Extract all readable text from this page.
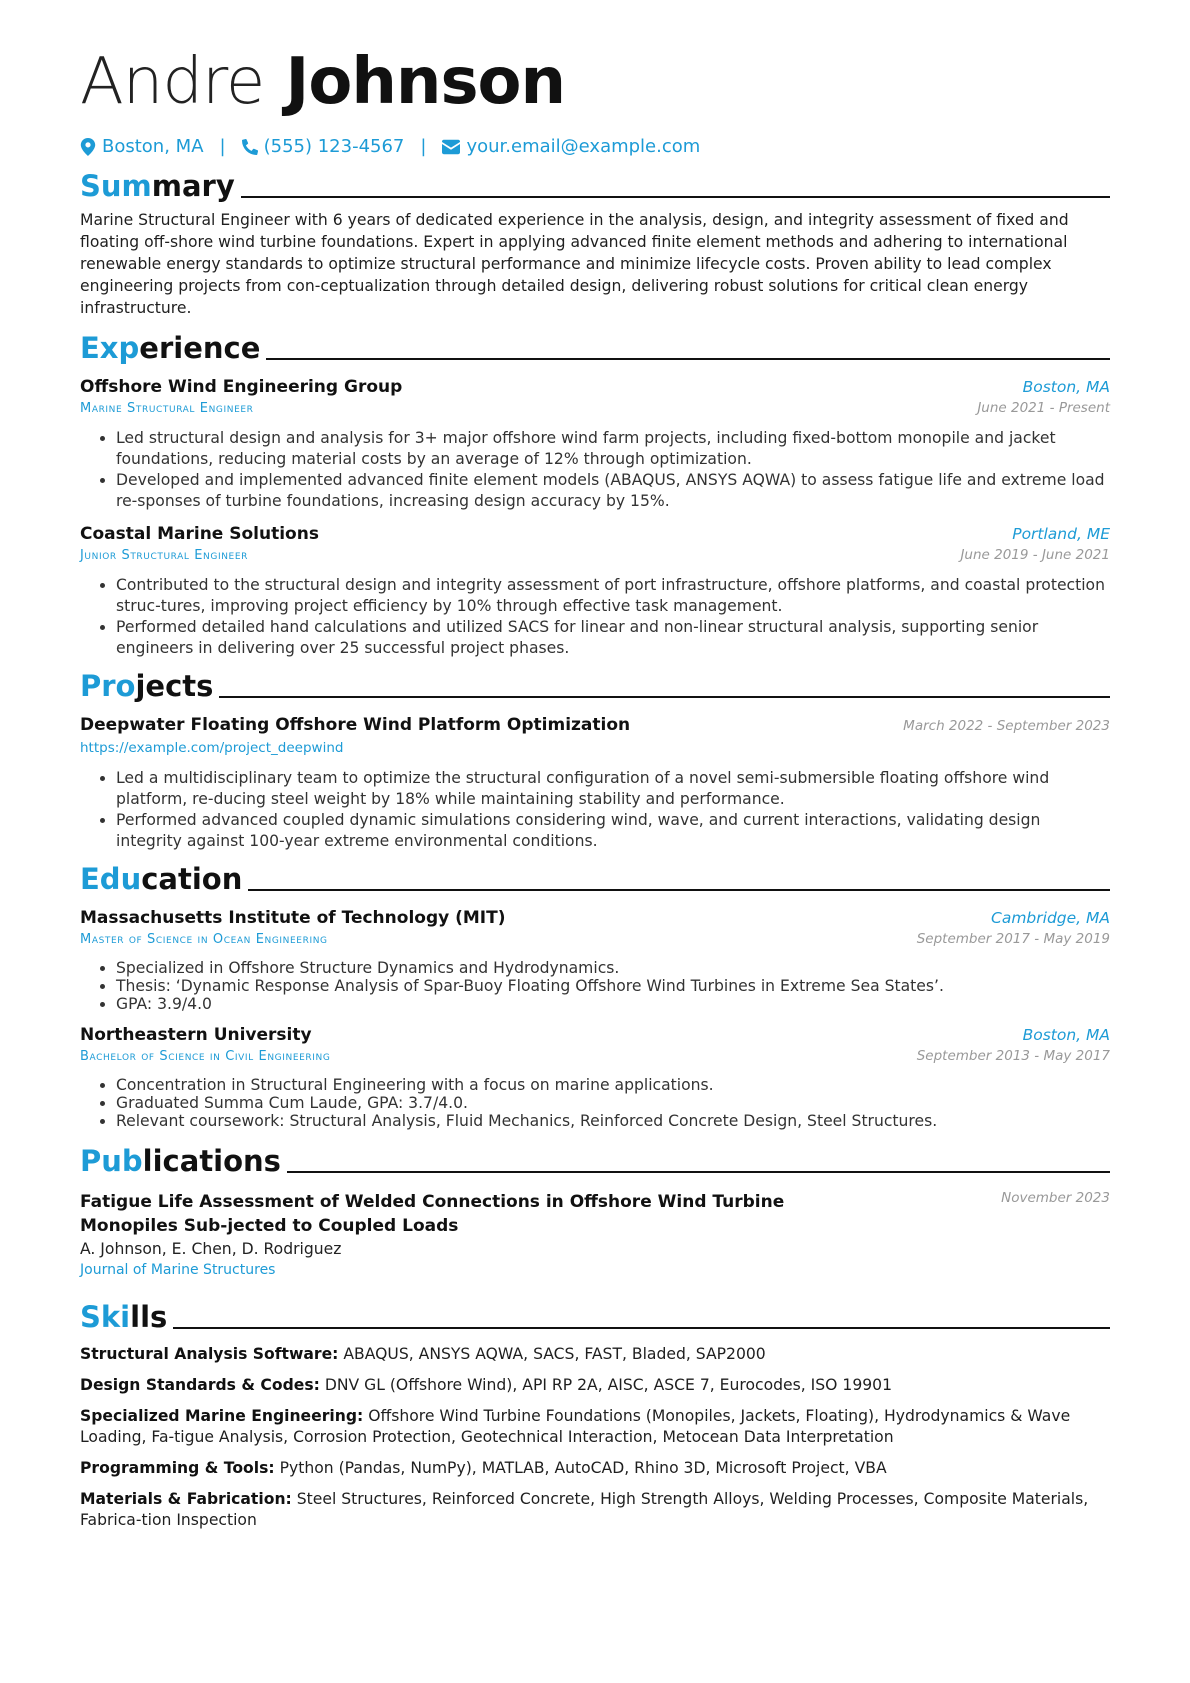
Andre Johnson
Boston, MA | (555) 123-4567 | your.email@example.com
Summary
Marine Structural Engineer with 6 years of dedicated experience in the analysis, design, and integrity assessment of fixed and floating off-shore wind turbine foundations. Expert in applying advanced finite element methods and adhering to international renewable energy standards to optimize structural performance and minimize lifecycle costs. Proven ability to lead complex engineering projects from con-ceptualization through detailed design, delivering robust solutions for critical clean energy infrastructure.
Experience
Offshore Wind Engineering Group	Boston, MA
Marine Structural Engineer	June 2021 - Present
• Led structural design and analysis for 3+ major offshore wind farm projects, including fixed-bottom monopile and jacket foundations, reducing material costs by an average of 12% through optimization.
• Developed and implemented advanced finite element models (ABAQUS, ANSYS AQWA) to assess fatigue life and extreme load re-sponses of turbine foundations, increasing design accuracy by 15%.
Coastal Marine Solutions	Portland, ME
Junior Structural Engineer	June 2019 - June 2021
• Contributed to the structural design and integrity assessment of port infrastructure, offshore platforms, and coastal protection struc-tures, improving project efficiency by 10% through effective task management.
• Performed detailed hand calculations and utilized SACS for linear and non-linear structural analysis, supporting senior engineers in delivering over 25 successful project phases.
Projects
Deepwater Floating Offshore Wind Platform Optimization	March 2022 - September 2023
https://example.com/project_deepwind
• Led a multidisciplinary team to optimize the structural configuration of a novel semi-submersible floating offshore wind platform, re-ducing steel weight by 18% while maintaining stability and performance.
• Performed advanced coupled dynamic simulations considering wind, wave, and current interactions, validating design integrity against 100-year extreme environmental conditions.
Education
Massachusetts Institute of Technology (MIT)	Cambridge, MA
Master of Science in Ocean Engineering	September 2017 - May 2019
• Specialized in Offshore Structure Dynamics and Hydrodynamics.
• Thesis: ‘Dynamic Response Analysis of Spar-Buoy Floating Offshore Wind Turbines in Extreme Sea States’.
• GPA: 3.9/4.0
Northeastern University	Boston, MA
Bachelor of Science in Civil Engineering	September 2013 - May 2017
• Concentration in Structural Engineering with a focus on marine applications.
• Graduated Summa Cum Laude, GPA: 3.7/4.0.
• Relevant coursework: Structural Analysis, Fluid Mechanics, Reinforced Concrete Design, Steel Structures.
Publications
Fatigue Life Assessment of Welded Connections in Offshore Wind Turbine Monopiles Sub-jected to Coupled Loads
November 2023
A. Johnson, E. Chen, D. Rodriguez
Journal of Marine Structures
Skills
Structural Analysis Software: ABAQUS, ANSYS AQWA, SACS, FAST, Bladed, SAP2000
Design Standards & Codes: DNV GL (Offshore Wind), API RP 2A, AISC, ASCE 7, Eurocodes, ISO 19901
Specialized Marine Engineering: Offshore Wind Turbine Foundations (Monopiles, Jackets, Floating), Hydrodynamics & Wave Loading, Fa-tigue Analysis, Corrosion Protection, Geotechnical Interaction, Metocean Data Interpretation
Programming & Tools: Python (Pandas, NumPy), MATLAB, AutoCAD, Rhino 3D, Microsoft Project, VBA
Materials & Fabrication: Steel Structures, Reinforced Concrete, High Strength Alloys, Welding Processes, Composite Materials, Fabrica-tion Inspection
